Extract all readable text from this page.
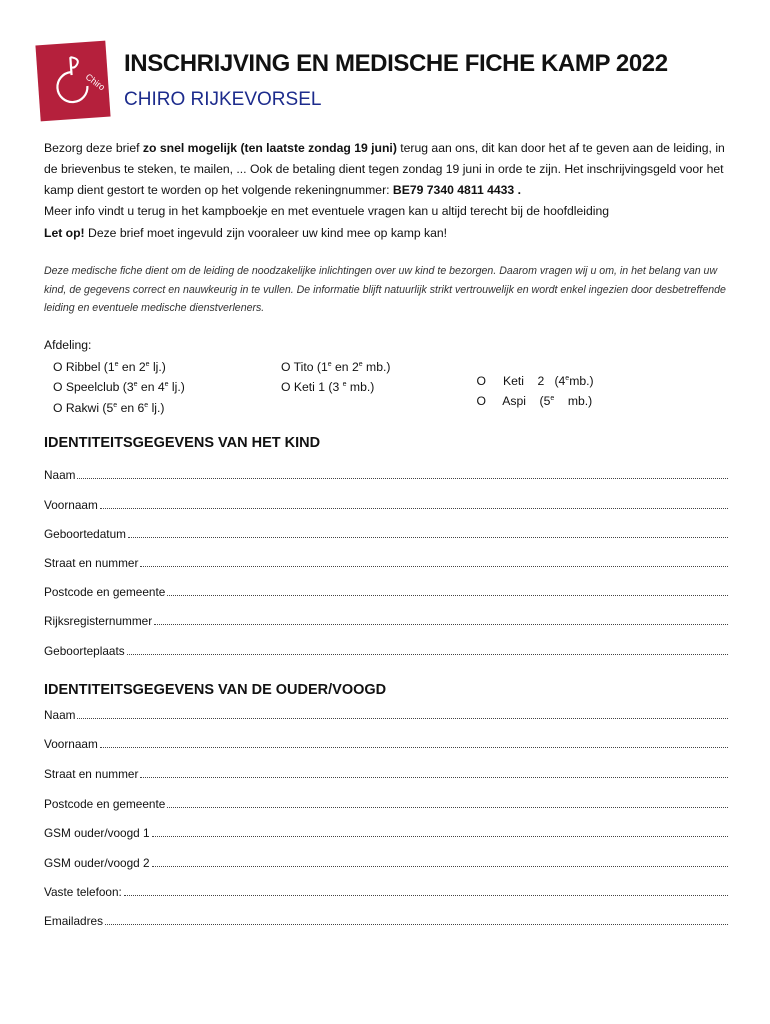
Chiro
INSCHRIJVING EN MEDISCHE FICHE KAMP 2022
CHIRO RIJKEVORSEL

Bezorg deze brief zo snel mogelijk (ten laatste zondag 19 juni) terug aan ons, dit kan door het af te geven aan de leiding, in de brievenbus te steken, te mailen, ... Ook de betaling dient tegen zondag 19 juni in orde te zijn. Het inschrijvingsgeld voor het kamp dient gestort te worden op het volgende rekeningnummer: BE79 7340 4811 4433 .
Meer info vindt u terug in het kampboekje en met eventuele vragen kan u altijd terecht bij de hoofdleiding

Let op! Deze brief moet ingevuld zijn vooraleer uw kind mee op kamp kan!

Deze medische fiche dient om de leiding de noodzakelijke inlichtingen over uw kind te bezorgen. Daarom vragen wij u om, in het belang van uw kind, de gegevens correct en nauwkeurig in te vullen. De informatie blijft natuurlijk strikt vertrouwelijk en wordt enkel ingezien door desbetreffende leiding en eventuele medische dienstverleners.
Afdeling:
O Ribbel (1e en 2e lj.)
O Speelclub (3e en 4e lj.)
O Rakwi (5e en 6e lj.)
O Tito (1e en 2e mb.)
O Keti 1 (3 $^e$ mb.)	O     Keti    2   (4emb.)

O     Aspi    (5e    mb.)

IDENTITEITSGEGEVENS VAN HET KIND
Naam
Voornaam
Geboortedatum
Straat en nummer
Postcode en gemeente
Rijksregisternummer
Geboorteplaats
IDENTITEITSGEGEVENS VAN DE OUDER/VOOGD
Naam
Voornaam
Straat en nummer
Postcode en gemeente
GSM ouder/voogd 1
GSM ouder/voogd 2
Vaste telefoon:
Emailadres
